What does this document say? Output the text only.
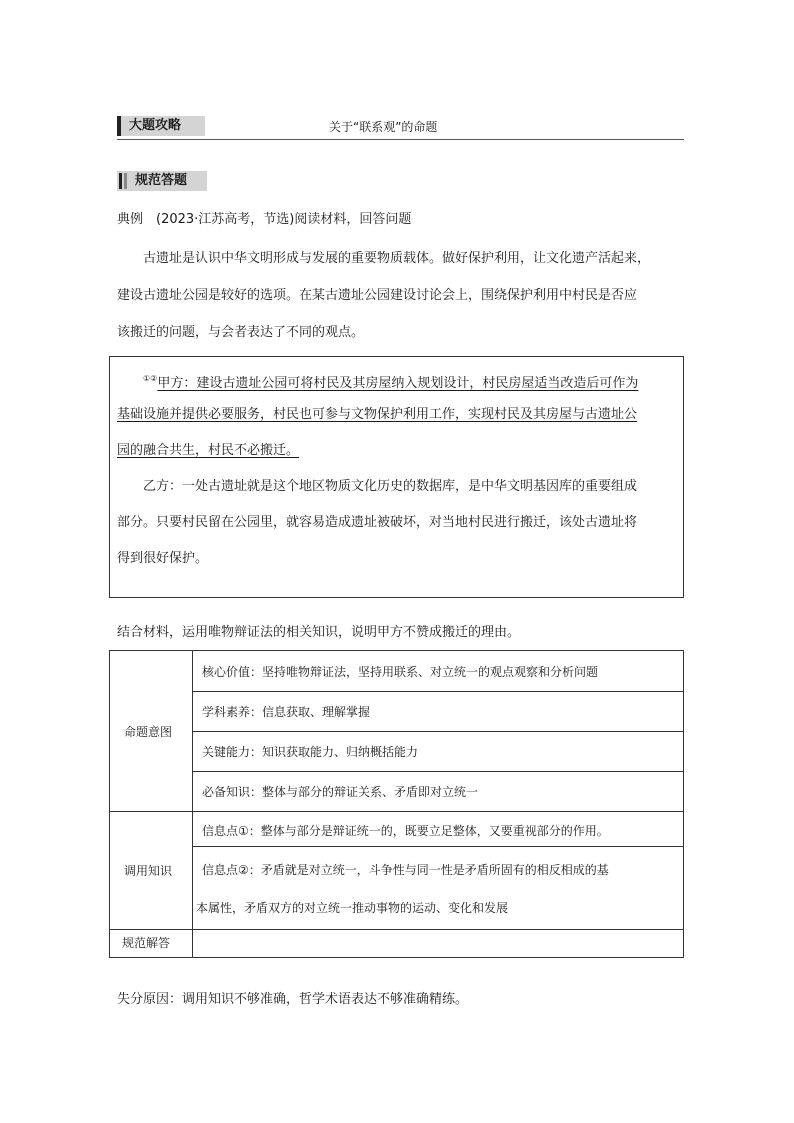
大题攻略	关于“联系观”的命题
规范答题
典例　(2023·江苏高考，节选)阅读材料，回答问题
古遗址是认识中华文明形成与发展的重要物质载体。做好保护利用，让文化遗产活起来，
建设古遗址公园是较好的选项。在某古遗址公园建设讨论会上，围绕保护利用中村民是否应
该搬迁的问题，与会者表达了不同的观点。
①②甲方：建设古遗址公园可将村民及其房屋纳入规划设计，村民房屋适当改造后可作为
基础设施并提供必要服务，村民也可参与文物保护利用工作，实现村民及其房屋与古遗址公
园的融合共生，村民不必搬迁。
乙方：一处古遗址就是这个地区物质文化历史的数据库，是中华文明基因库的重要组成
部分。只要村民留在公园里，就容易造成遗址被破坏，对当地村民进行搬迁，该处古遗址将
得到很好保护。
结合材料，运用唯物辩证法的相关知识，说明甲方不赞成搬迁的理由。
命题意图
调用知识
规范解答
核心价值：坚持唯物辩证法，坚持用联系、对立统一的观点观察和分析问题
学科素养：信息获取、理解掌握
关键能力：知识获取能力、归纳概括能力
必备知识：整体与部分的辩证关系、矛盾即对立统一
信息点①：整体与部分是辩证统一的，既要立足整体，又要重视部分的作用。
信息点②：矛盾就是对立统一，斗争性与同一性是矛盾所固有的相反相成的基
本属性，矛盾双方的对立统一推动事物的运动、变化和发展
失分原因：调用知识不够准确，哲学术语表达不够准确精练。
